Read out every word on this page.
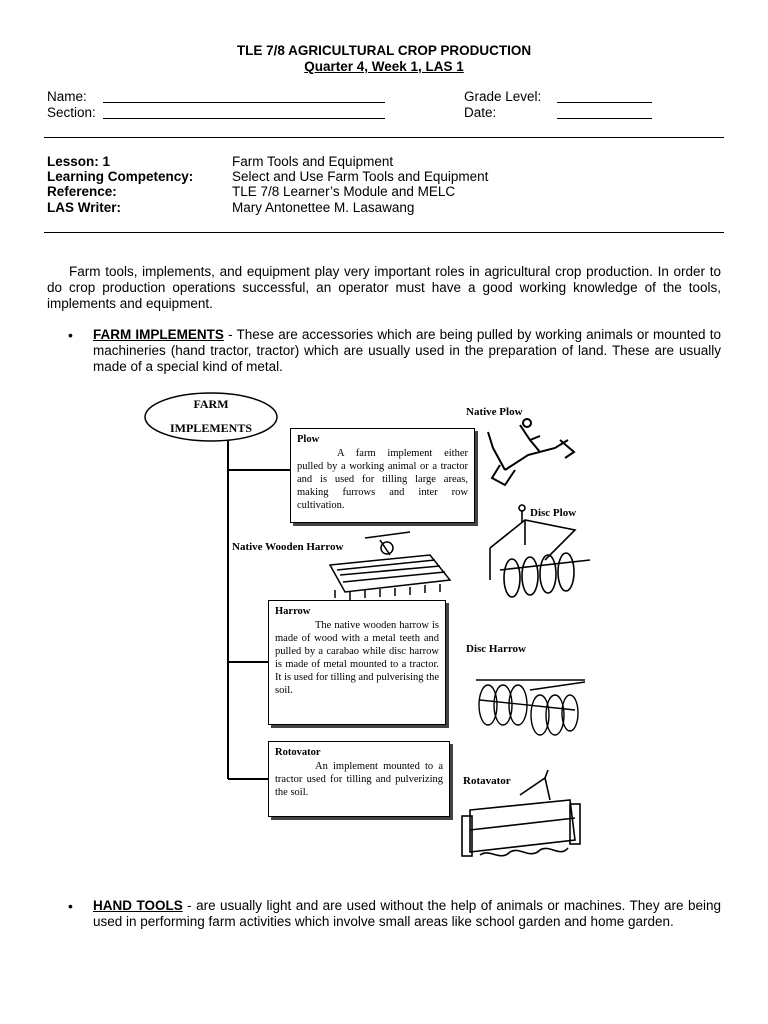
TLE 7/8 AGRICULTURAL CROP PRODUCTION
Quarter 4, Week 1, LAS 1
Name:
Section:
Grade Level:
Date:
Lesson: 1	Farm Tools and Equipment
Learning Competency:	Select and Use Farm Tools and Equipment
Reference:	TLE 7/8 Learner’s Module and MELC
LAS Writer:	Mary Antonettee M. Lasawang
Farm tools, implements, and equipment play very important roles in agricultural crop production. In order to do crop production operations successful, an operator must have a good working knowledge of the tools, implements and equipment.
• FARM IMPLEMENTS - These are accessories which are being pulled by working animals or mounted to machineries (hand tractor, tractor) which are usually used in the preparation of land. These are usually made of a special kind of metal.
FARM
IMPLEMENTS
Plow
A farm implement either pulled by a working animal or a tractor and is used for tilling large areas, making furrows and inter row cultivation.
Harrow
The native wooden harrow is made of wood with a metal teeth and pulled by a carabao while disc harrow is made of metal mounted to a tractor. It is used for tilling and pulverising the soil.
Rotovator
An implement mounted to a tractor used for tilling and pulverizing the soil.
Native Plow
Disc Plow
Native Wooden Harrow
Disc Harrow
Rotavator
• HAND TOOLS - are usually light and are used without the help of animals or machines. They are being used in performing farm activities which involve small areas like school garden and home garden.
